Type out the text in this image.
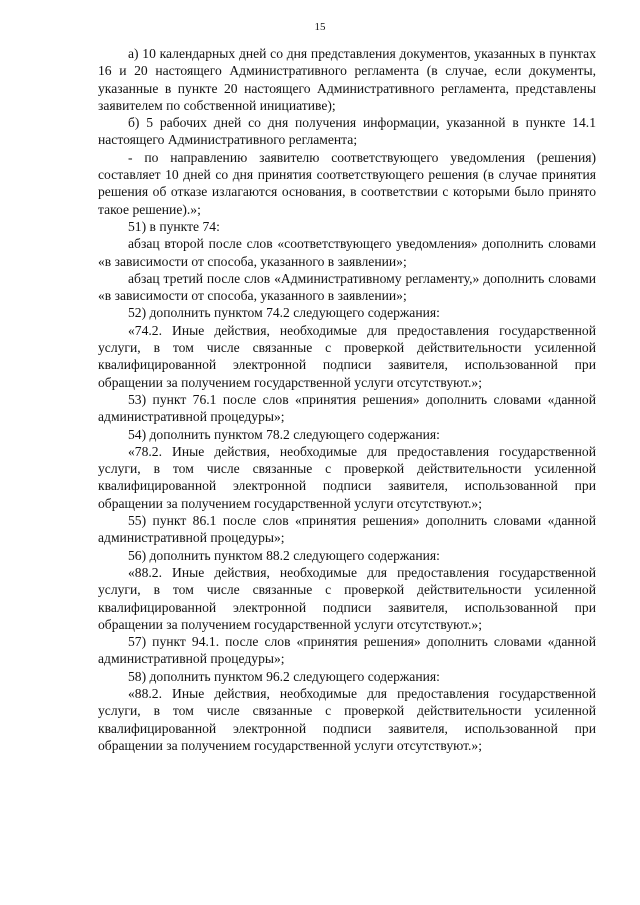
15

а) 10 календарных дней со дня представления документов, указанных в пунктах 16 и 20 настоящего Административного регламента (в случае, если документы, указанные в пункте 20 настоящего Административного регламента, представлены заявителем по собственной инициативе);

б) 5 рабочих дней со дня получения информации, указанной в пункте 14.1 настоящего Административного регламента;

- по направлению заявителю соответствующего уведомления (решения) составляет 10 дней со дня принятия соответствующего решения (в случае принятия решения об отказе излагаются основания, в соответствии с которыми было принято такое решение).»;

51) в пункте 74:

абзац второй после слов «соответствующего уведомления» дополнить словами «в зависимости от способа, указанного в заявлении»;

абзац третий после слов «Административному регламенту,» дополнить словами «в зависимости от способа, указанного в заявлении»;

52) дополнить пунктом 74.2 следующего содержания:

«74.2. Иные действия, необходимые для предоставления государственной услуги, в том числе связанные с проверкой действительности усиленной квалифицированной электронной подписи заявителя, использованной при обращении за получением государственной услуги отсутствуют.»;

53) пункт 76.1 после слов «принятия решения» дополнить словами «данной административной процедуры»;

54) дополнить пунктом 78.2 следующего содержания:

«78.2. Иные действия, необходимые для предоставления государственной услуги, в том числе связанные с проверкой действительности усиленной квалифицированной электронной подписи заявителя, использованной при обращении за получением государственной услуги отсутствуют.»;

55) пункт 86.1 после слов «принятия решения» дополнить словами «данной административной процедуры»;

56) дополнить пунктом 88.2 следующего содержания:

«88.2. Иные действия, необходимые для предоставления государственной услуги, в том числе связанные с проверкой действительности усиленной квалифицированной электронной подписи заявителя, использованной при обращении за получением государственной услуги отсутствуют.»;

57) пункт 94.1. после слов «принятия решения» дополнить словами «данной административной процедуры»;

58) дополнить пунктом 96.2 следующего содержания:

«88.2. Иные действия, необходимые для предоставления государственной услуги, в том числе связанные с проверкой действительности усиленной квалифицированной электронной подписи заявителя, использованной при обращении за получением государственной услуги отсутствуют.»;
